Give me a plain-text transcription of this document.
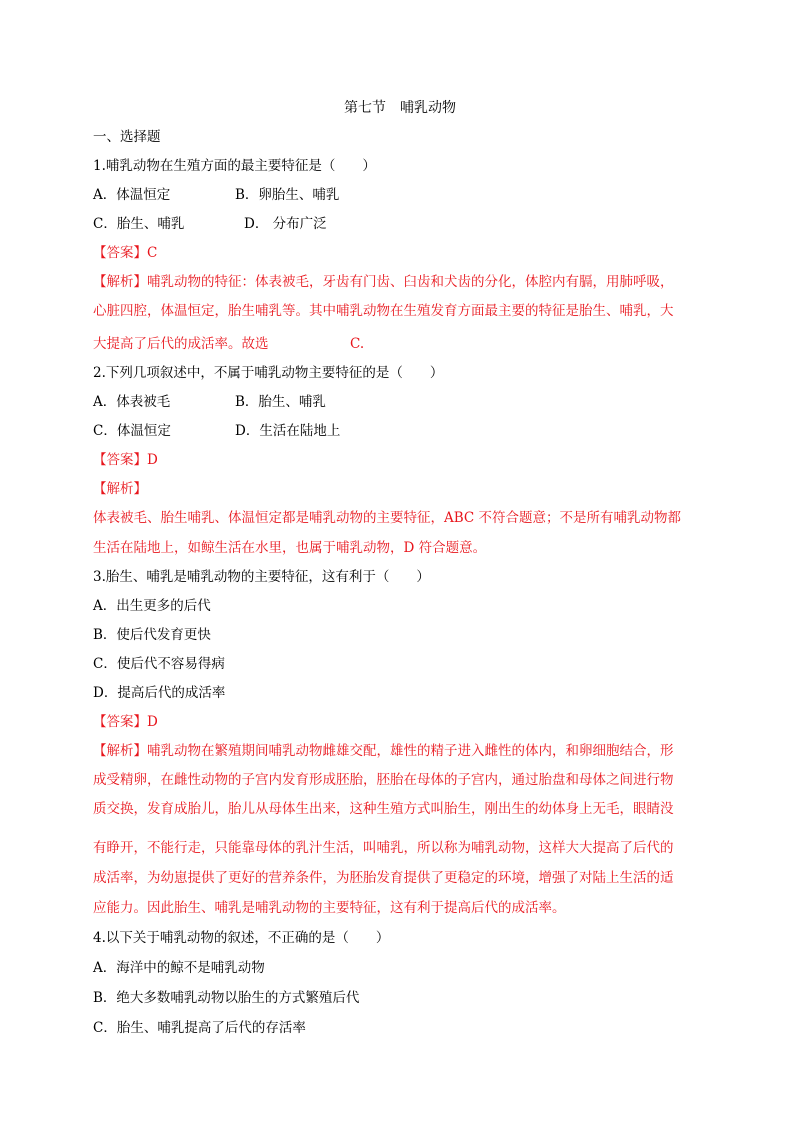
第七节　哺乳动物
一、选择题
1.哺乳动物在生殖方面的最主要特征是（　　）
A．体温恒定	B．卵胎生、哺乳
C．胎生、哺乳	D． 分布广泛
【答案】C
【解析】哺乳动物的特征：体表被毛，牙齿有门齿、臼齿和犬齿的分化，体腔内有膈，用肺呼吸，
心脏四腔，体温恒定，胎生哺乳等。其中哺乳动物在生殖发育方面最主要的特征是胎生、哺乳，大
大提高了后代的成活率。故选	C.
2.下列几项叙述中，不属于哺乳动物主要特征的是（　　）
A．体表被毛	B．胎生、哺乳
C．体温恒定	D．生活在陆地上
【答案】D
【解析】
体表被毛、胎生哺乳、体温恒定都是哺乳动物的主要特征，ABC 不符合题意；不是所有哺乳动物都
生活在陆地上，如鲸生活在水里，也属于哺乳动物，D 符合题意。
3.胎生、哺乳是哺乳动物的主要特征，这有利于（　　）
A．出生更多的后代
B．使后代发育更快
C．使后代不容易得病
D．提高后代的成活率
【答案】D
【解析】哺乳动物在繁殖期间哺乳动物雌雄交配，雄性的精子进入雌性的体内，和卵细胞结合，形
成受精卵，在雌性动物的子宫内发育形成胚胎，胚胎在母体的子宫内，通过胎盘和母体之间进行物
质交换，发育成胎儿，胎儿从母体生出来，这种生殖方式叫胎生，刚出生的幼体身上无毛，眼睛没
有睁开，不能行走，只能靠母体的乳汁生活，叫哺乳，所以称为哺乳动物，这样大大提高了后代的
成活率，为幼崽提供了更好的营养条件，为胚胎发育提供了更稳定的环境，增强了对陆上生活的适
应能力。因此胎生、哺乳是哺乳动物的主要特征，这有利于提高后代的成活率。
4.以下关于哺乳动物的叙述，不正确的是（　　）
A．海洋中的鲸不是哺乳动物
B．绝大多数哺乳动物以胎生的方式繁殖后代
C．胎生、哺乳提高了后代的存活率
